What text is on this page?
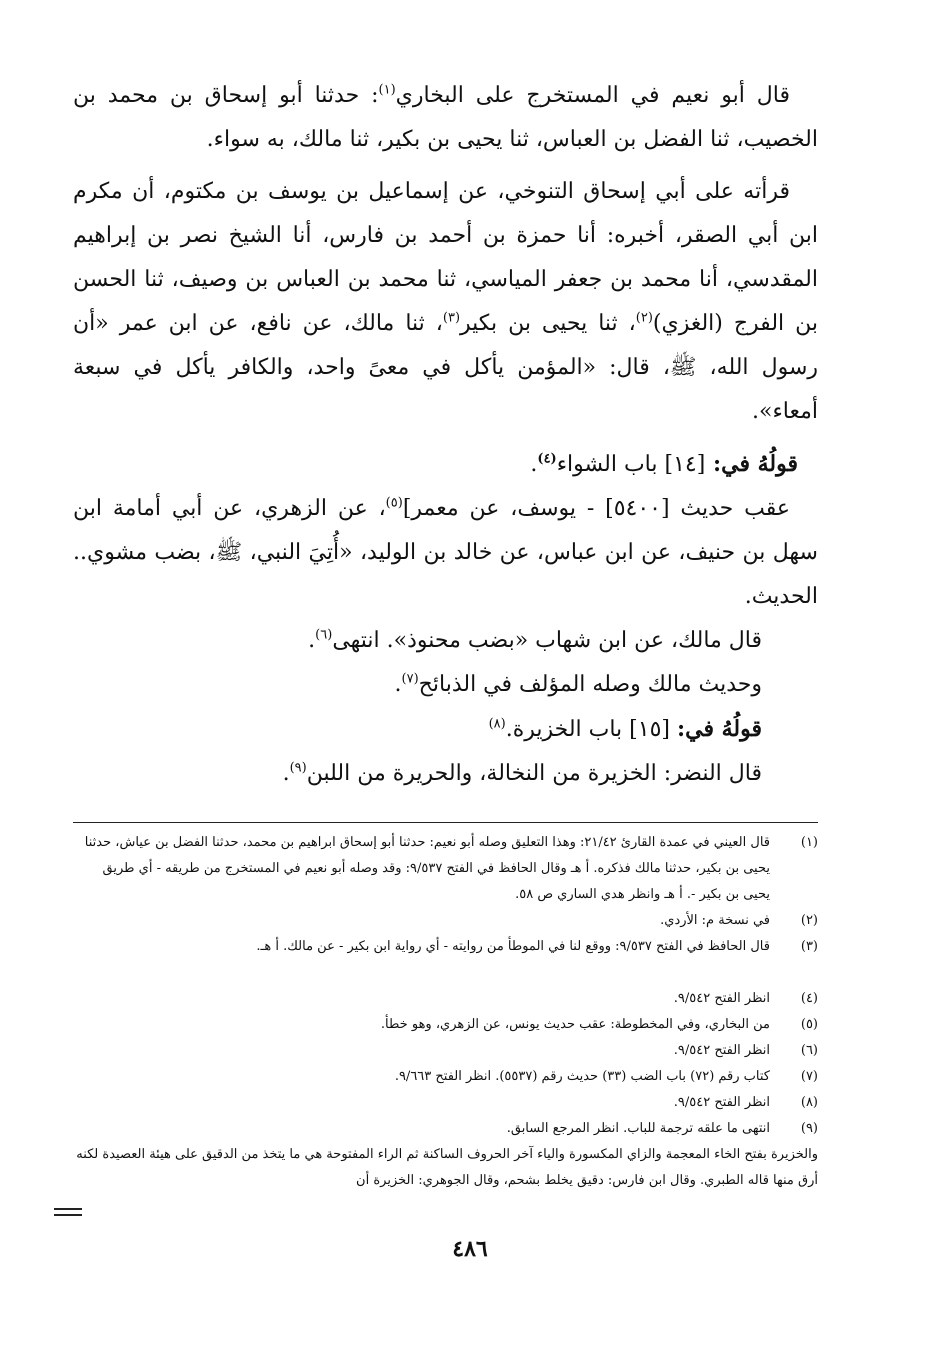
قال أبو نعيم في المستخرج على البخاري$^{(١)}$: حدثنا أبو إسحاق بن محمد بن الخصيب، ثنا الفضل بن العباس، ثنا يحيى بن بكير، ثنا مالك، به سواء.

قرأته على أبي إسحاق التنوخي، عن إسماعيل بن يوسف بن مكتوم، أن مكرم ابن أبي الصقر، أخبره: أنا حمزة بن أحمد بن فارس، أنا الشيخ نصر بن إبراهيم المقدسي، أنا محمد بن جعفر المياسي، ثنا محمد بن العباس بن وصيف، ثنا الحسن بن الفرج (الغزي)$^{(٢)}$، ثنا يحيى بن بكير$^{(٣)}$، ثنا مالك، عن نافع، عن ابن عمر «أن رسول الله، ﷺ، قال: «المؤمن يأكل في معىً واحد، والكافر يأكل في سبعة أمعاء».

قولُهُ في: [١٤] باب الشواء$^{(٤)}$.

عقب حديث [٥٤٠٠] - يوسف، عن معمر]$^{(٥)}$، عن الزهري، عن أبي أمامة ابن سهل بن حنيف، عن ابن عباس، عن خالد بن الوليد، «أُتِيَ النبي، ﷺ، بضب مشوي.. الحديث.

قال مالك، عن ابن شهاب «بضب محنوذ». انتهى$^{(٦)}$.

وحديث مالك وصله المؤلف في الذبائح$^{(٧)}$.

قولُهُ في: [١٥] باب الخزيرة.$^{(٨)}$

قال النضر: الخزيرة من النخالة، والحريرة من اللبن$^{(٩)}$.

(١)
قال العيني في عمدة القارئ ٢١/٤٢: وهذا التعليق وصله أبو نعيم: حدثنا أبو إسحاق ابراهيم بن محمد، حدثنا الفضل بن عياش، حدثنا يحيى بن بكير، حدثنا مالك فذكره. أ هـ وقال الحافظ في الفتح ٩/٥٣٧: وقد وصله أبو نعيم في المستخرج من طريقه - أي طريق يحيى بن بكير -. أ هـ وانظر هدي الساري ص ٥٨.
(٢)
في نسخة م: الأردي.
(٣)
قال الحافظ في الفتح ٩/٥٣٧: ووقع لنا في الموطأ من روايته - أي رواية ابن بكير - عن مالك. أ هـ.
(٤)
انظر الفتح ٩/٥٤٢.
(٥)
من البخاري، وفي المخطوطة: عقب حديث يونس، عن الزهري، وهو خطأ.
(٦)
انظر الفتح ٩/٥٤٢.
(٧)
كتاب رقم (٧٢) باب الضب (٣٣) حديث رقم (٥٥٣٧). انظر الفتح ٩/٦٦٣.
(٨)
انظر الفتح ٩/٥٤٢.
(٩)
انتهى ما علقه ترجمة للباب. انظر المرجع السابق.

والخزيرة بفتح الخاء المعجمة والزاي المكسورة والياء آخر الحروف الساكنة ثم الراء المفتوحة هي ما يتخذ من الدقيق على هيئة العصيدة لكنه أرق منها قاله الطبري. وقال ابن فارس: دقيق يخلط بشحم، وقال الجوهري: الخزيرة أن

٤٨٦
